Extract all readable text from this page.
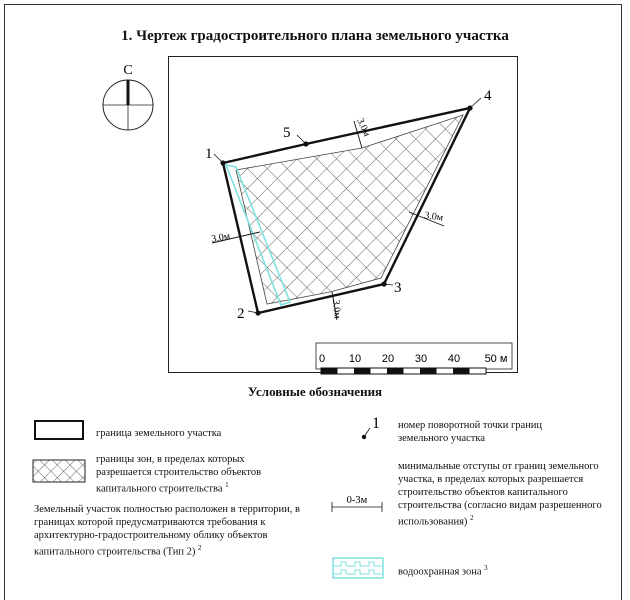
1. Чертеж градостроительного плана земельного участка
С
1
2
3
4
5	3.0м
3.0м
3.0м
3.0м
0 10 20 30 40 50 м
1
0-3м
Условные обозначения
граница земельного участка
границы зон, в пределах которых разрешается строительство объектов капитального строительства $^1$
Земельный участок полностью расположен в территории, в границах которой предусматриваются требования к архитектурно-градостроительному облику объектов капитального строительства (Тип 2) $^2$
номер поворотной точки границ земельного участка
минимальные отступы от границ земельного участка, в пределах которых разрешается строительство объектов капитального строительства (согласно видам разрешенного использования) $^2$
водоохранная зона $^3$
